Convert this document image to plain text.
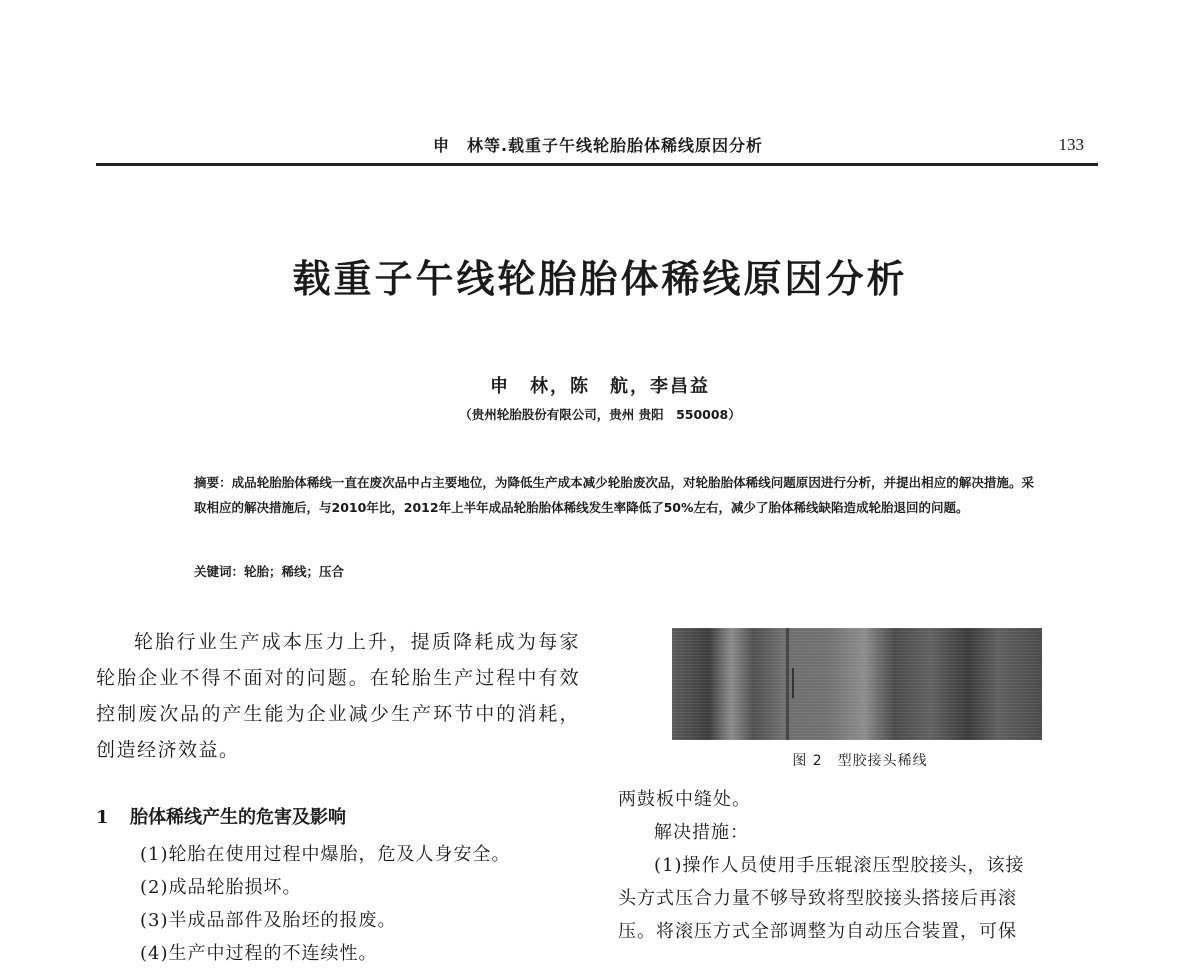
申　林等.载重子午线轮胎胎体稀线原因分析	133
载重子午线轮胎胎体稀线原因分析
申　林，陈　航，李昌益
（贵州轮胎股份有限公司，贵州 贵阳　550008）
摘要：成品轮胎胎体稀线一直在废次品中占主要地位，为降低生产成本减少轮胎废次品，对轮胎胎体稀线问题原因进行分析，并提出相应的解决措施。采取相应的解决措施后，与2010年比，2012年上半年成品轮胎胎体稀线发生率降低了50%左右，减少了胎体稀线缺陷造成轮胎退回的问题。
关键词：轮胎；稀线；压合

轮胎行业生产成本压力上升，提质降耗成为每家轮胎企业不得不面对的问题。在轮胎生产过程中有效控制废次品的产生能为企业减少生产环节中的消耗，创造经济效益。

1 胎体稀线产生的危害及影响
(1)轮胎在使用过程中爆胎，危及人身安全。
(2)成品轮胎损坏。
(3)半成品部件及胎坯的报废。
(4)生产中过程的不连续性。
图 2　型胶接头稀线
两鼓板中缝处。
解决措施：
(1)操作人员使用手压辊滚压型胶接头，该接
头方式压合力量不够导致将型胶接头搭接后再滚
压。将滚压方式全部调整为自动压合装置，可保
